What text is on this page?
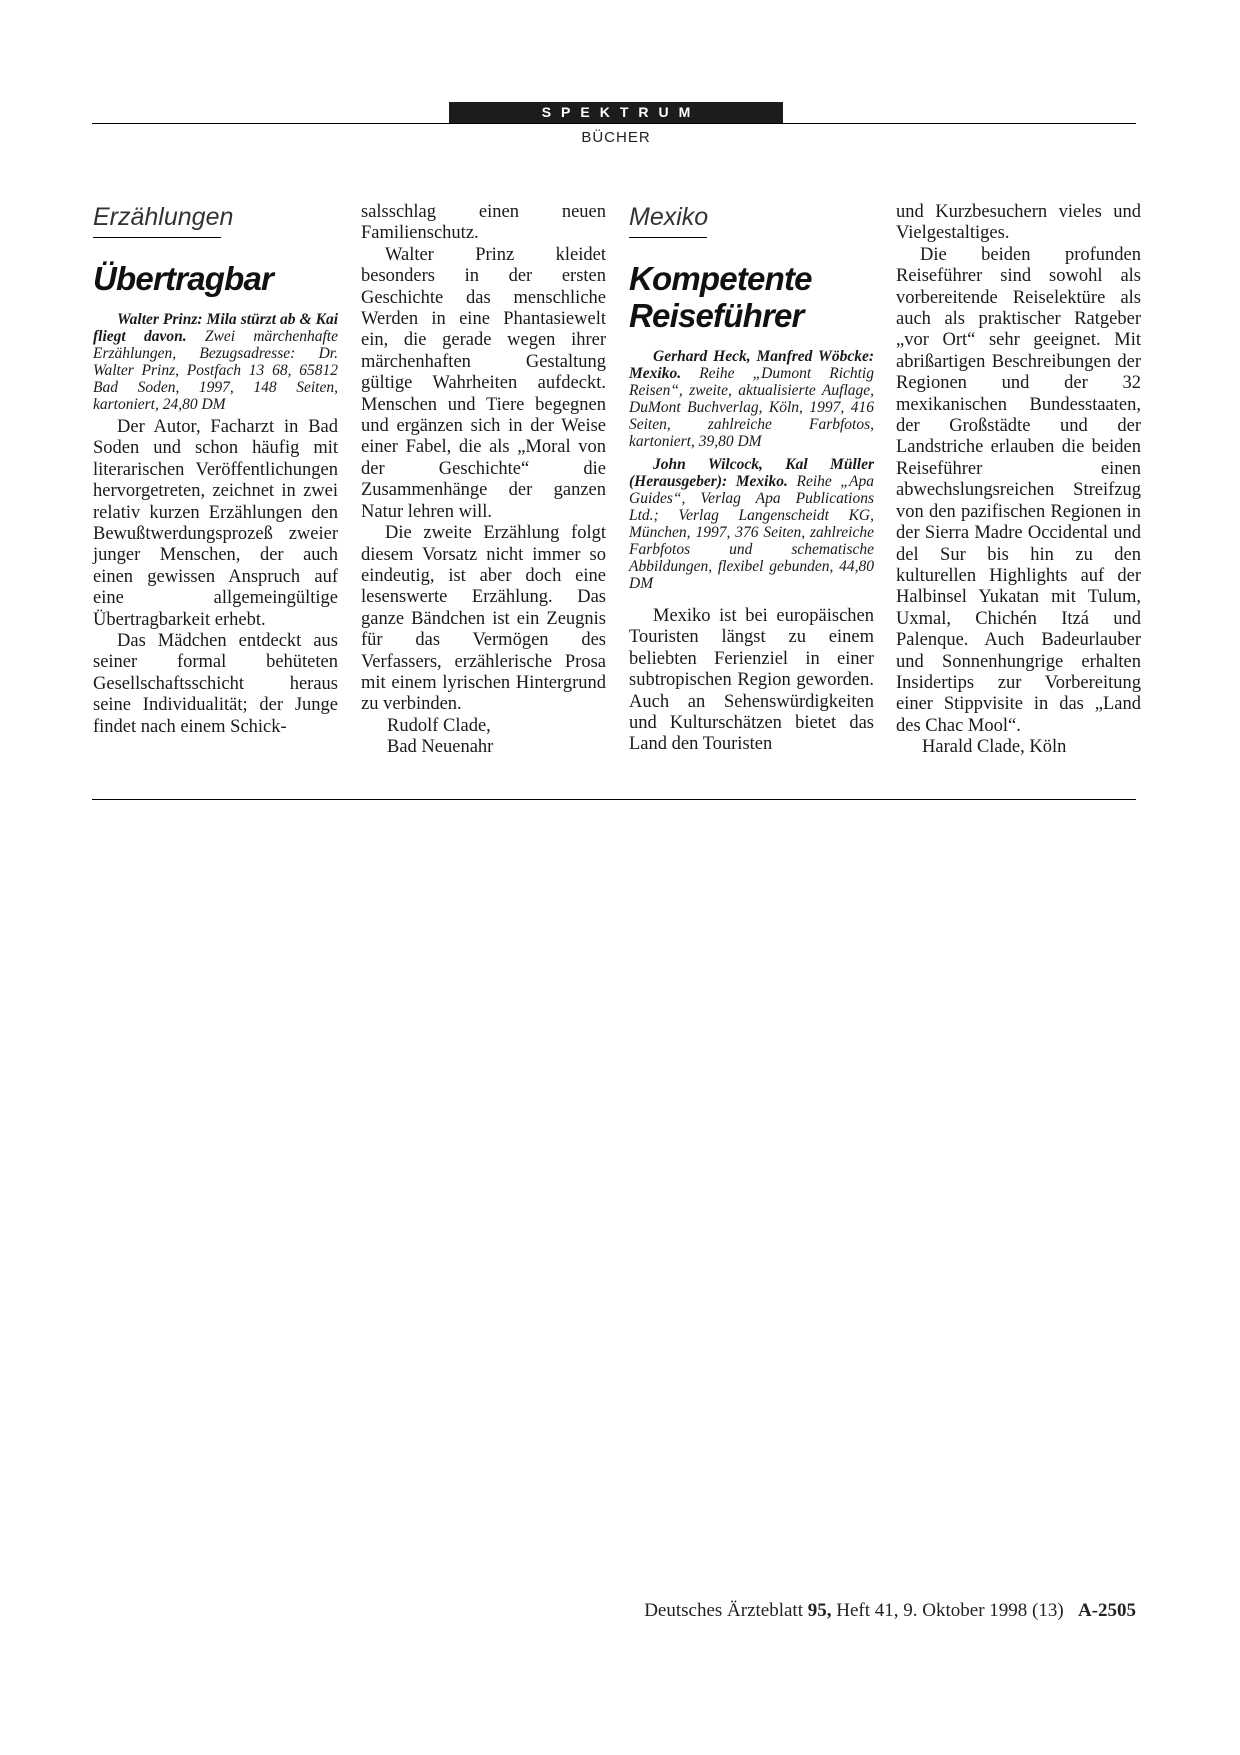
SPEKTRUM
BÜCHER
Erzählungen
Übertragbar

Walter Prinz: Mila stürzt ab & Kai fliegt davon. Zwei märchenhafte Erzählungen, Bezugsadresse: Dr. Walter Prinz, Postfach 13 68, 65812 Bad Soden, 1997, 148 Seiten, kartoniert, 24,80 DM

Der Autor, Facharzt in Bad Soden und schon häufig mit literarischen Veröffentlichungen hervorgetreten, zeichnet in zwei relativ kurzen Erzählungen den Bewußtwerdungsprozeß zweier junger Menschen, der auch einen gewissen Anspruch auf eine allgemeingültige Übertragbarkeit erhebt.

Das Mädchen entdeckt aus seiner formal behüteten Gesellschaftsschicht heraus seine Individualität; der Junge findet nach einem Schick-

salsschlag einen neuen Familienschutz.

Walter Prinz kleidet besonders in der ersten Geschichte das menschliche Werden in eine Phantasiewelt ein, die gerade wegen ihrer märchenhaften Gestaltung gültige Wahrheiten aufdeckt. Menschen und Tiere begegnen und ergänzen sich in der Weise einer Fabel, die als „Moral von der Geschichte“ die Zusammenhänge der ganzen Natur lehren will.

Die zweite Erzählung folgt diesem Vorsatz nicht immer so eindeutig, ist aber doch eine lesenswerte Erzählung. Das ganze Bändchen ist ein Zeugnis für das Vermögen des Verfassers, erzählerische Prosa mit einem lyrischen Hintergrund zu verbinden.

Rudolf Clade,

Bad Neuenahr

Mexiko
Kompetente Reiseführer

Gerhard Heck, Manfred Wöbcke: Mexiko. Reihe „Dumont Richtig Reisen“, zweite, aktualisierte Auflage, DuMont Buchverlag, Köln, 1997, 416 Seiten, zahlreiche Farbfotos, kartoniert, 39,80 DM

John Wilcock, Kal Müller (Herausgeber): Mexiko. Reihe „Apa Guides“, Verlag Apa Publications Ltd.; Verlag Langenscheidt KG, München, 1997, 376 Seiten, zahlreiche Farbfotos und schematische Abbildungen, flexibel gebunden, 44,80 DM

Mexiko ist bei europäischen Touristen längst zu einem beliebten Ferienziel in einer subtropischen Region geworden. Auch an Sehenswürdigkeiten und Kulturschätzen bietet das Land den Touristen

und Kurzbesuchern vieles und Vielgestaltiges.

Die beiden profunden Reiseführer sind sowohl als vorbereitende Reiselektüre als auch als praktischer Ratgeber „vor Ort“ sehr geeignet. Mit abrißartigen Beschreibungen der Regionen und der 32 mexikanischen Bundesstaaten, der Großstädte und der Landstriche erlauben die beiden Reiseführer einen abwechslungsreichen Streifzug von den pazifischen Regionen in der Sierra Madre Occidental und del Sur bis hin zu den kulturellen Highlights auf der Halbinsel Yukatan mit Tulum, Uxmal, Chichén Itzá und Palenque. Auch Badeurlauber und Sonnenhungrige erhalten Insidertips zur Vorbereitung einer Stippvisite in das „Land des Chac Mool“.

Harald Clade, Köln

Deutsches Ärzteblatt 95, Heft 41, 9. Oktober 1998 (13) A-2505
